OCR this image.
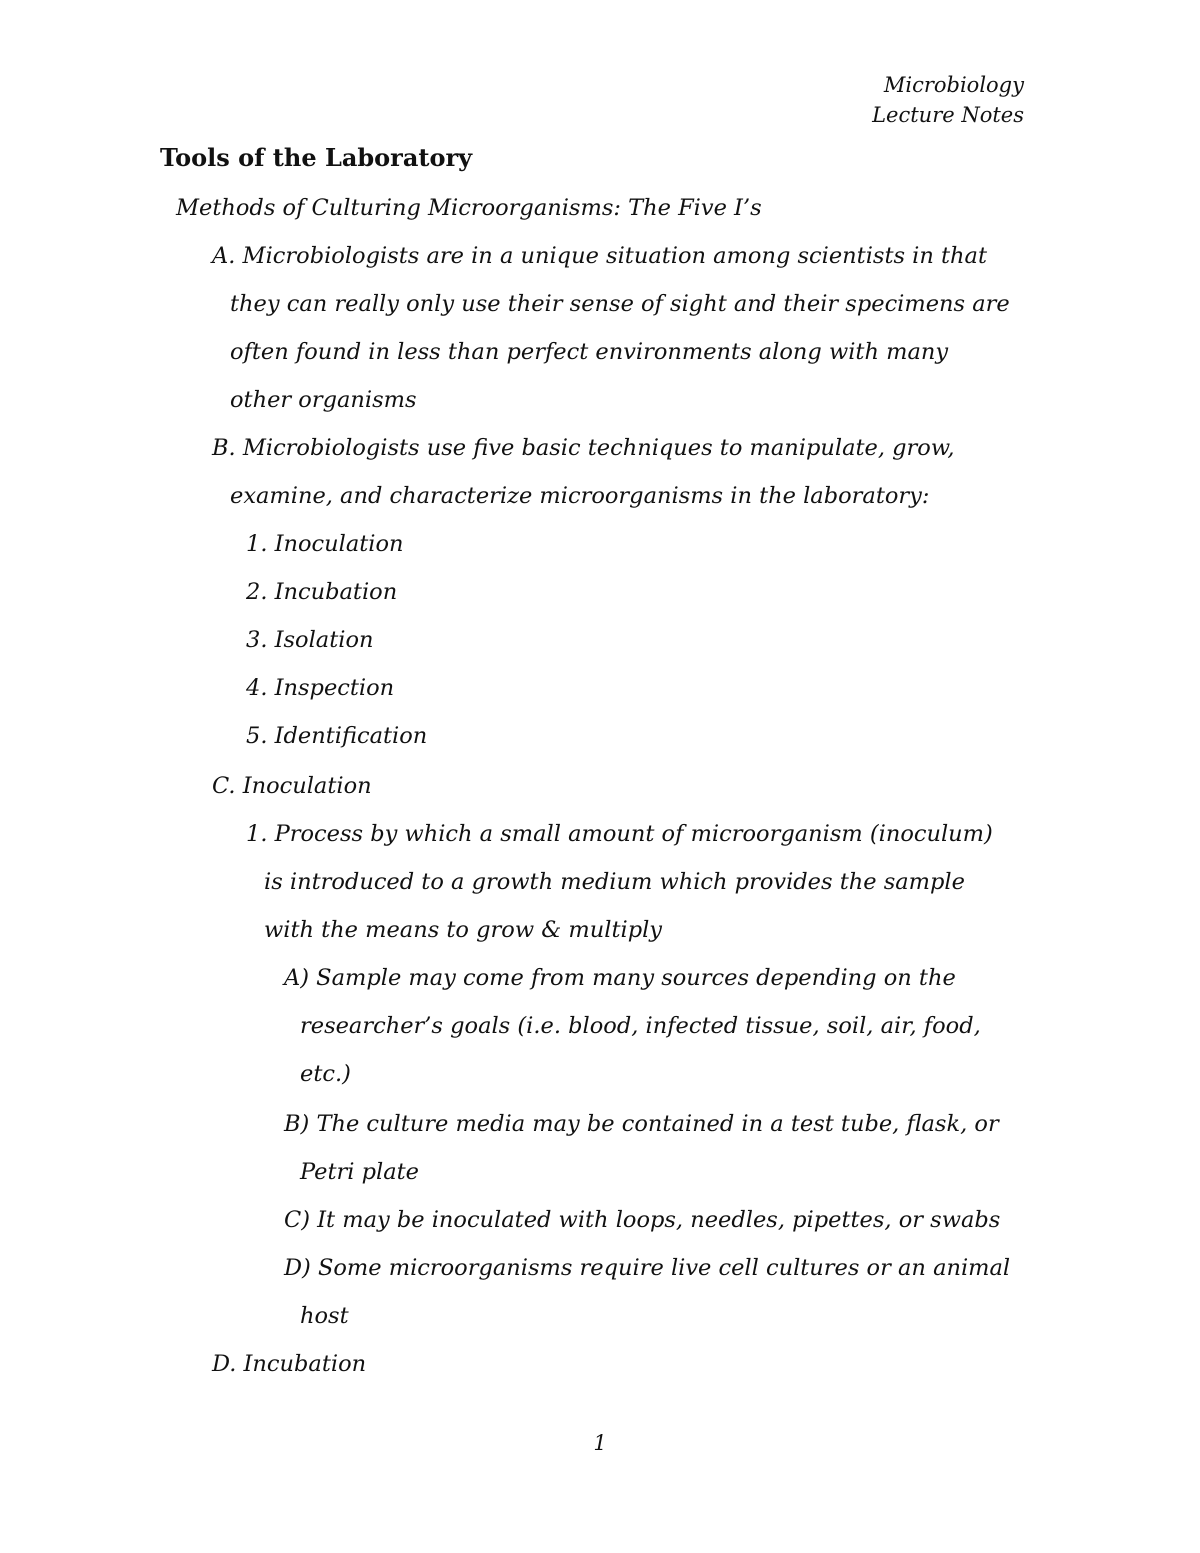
Microbiology
Lecture Notes
Tools of the Laboratory
Methods of Culturing Microorganisms: The Five I’s
A. Microbiologists are in a unique situation among scientists in that
they can really only use their sense of sight and their specimens are
often found in less than perfect environments along with many
other organisms
B. Microbiologists use five basic techniques to manipulate, grow,
examine, and characterize microorganisms in the laboratory:
1. Inoculation
2. Incubation
3. Isolation
4. Inspection
5. Identification
C. Inoculation
1. Process by which a small amount of microorganism (inoculum)
is introduced to a growth medium which provides the sample
with the means to grow & multiply
A) Sample may come from many sources depending on the
researcher’s goals (i.e. blood, infected tissue, soil, air, food,
etc.)
B) The culture media may be contained in a test tube, flask, or
Petri plate
C) It may be inoculated with loops, needles, pipettes, or swabs
D) Some microorganisms require live cell cultures or an animal
host
D. Incubation
1
